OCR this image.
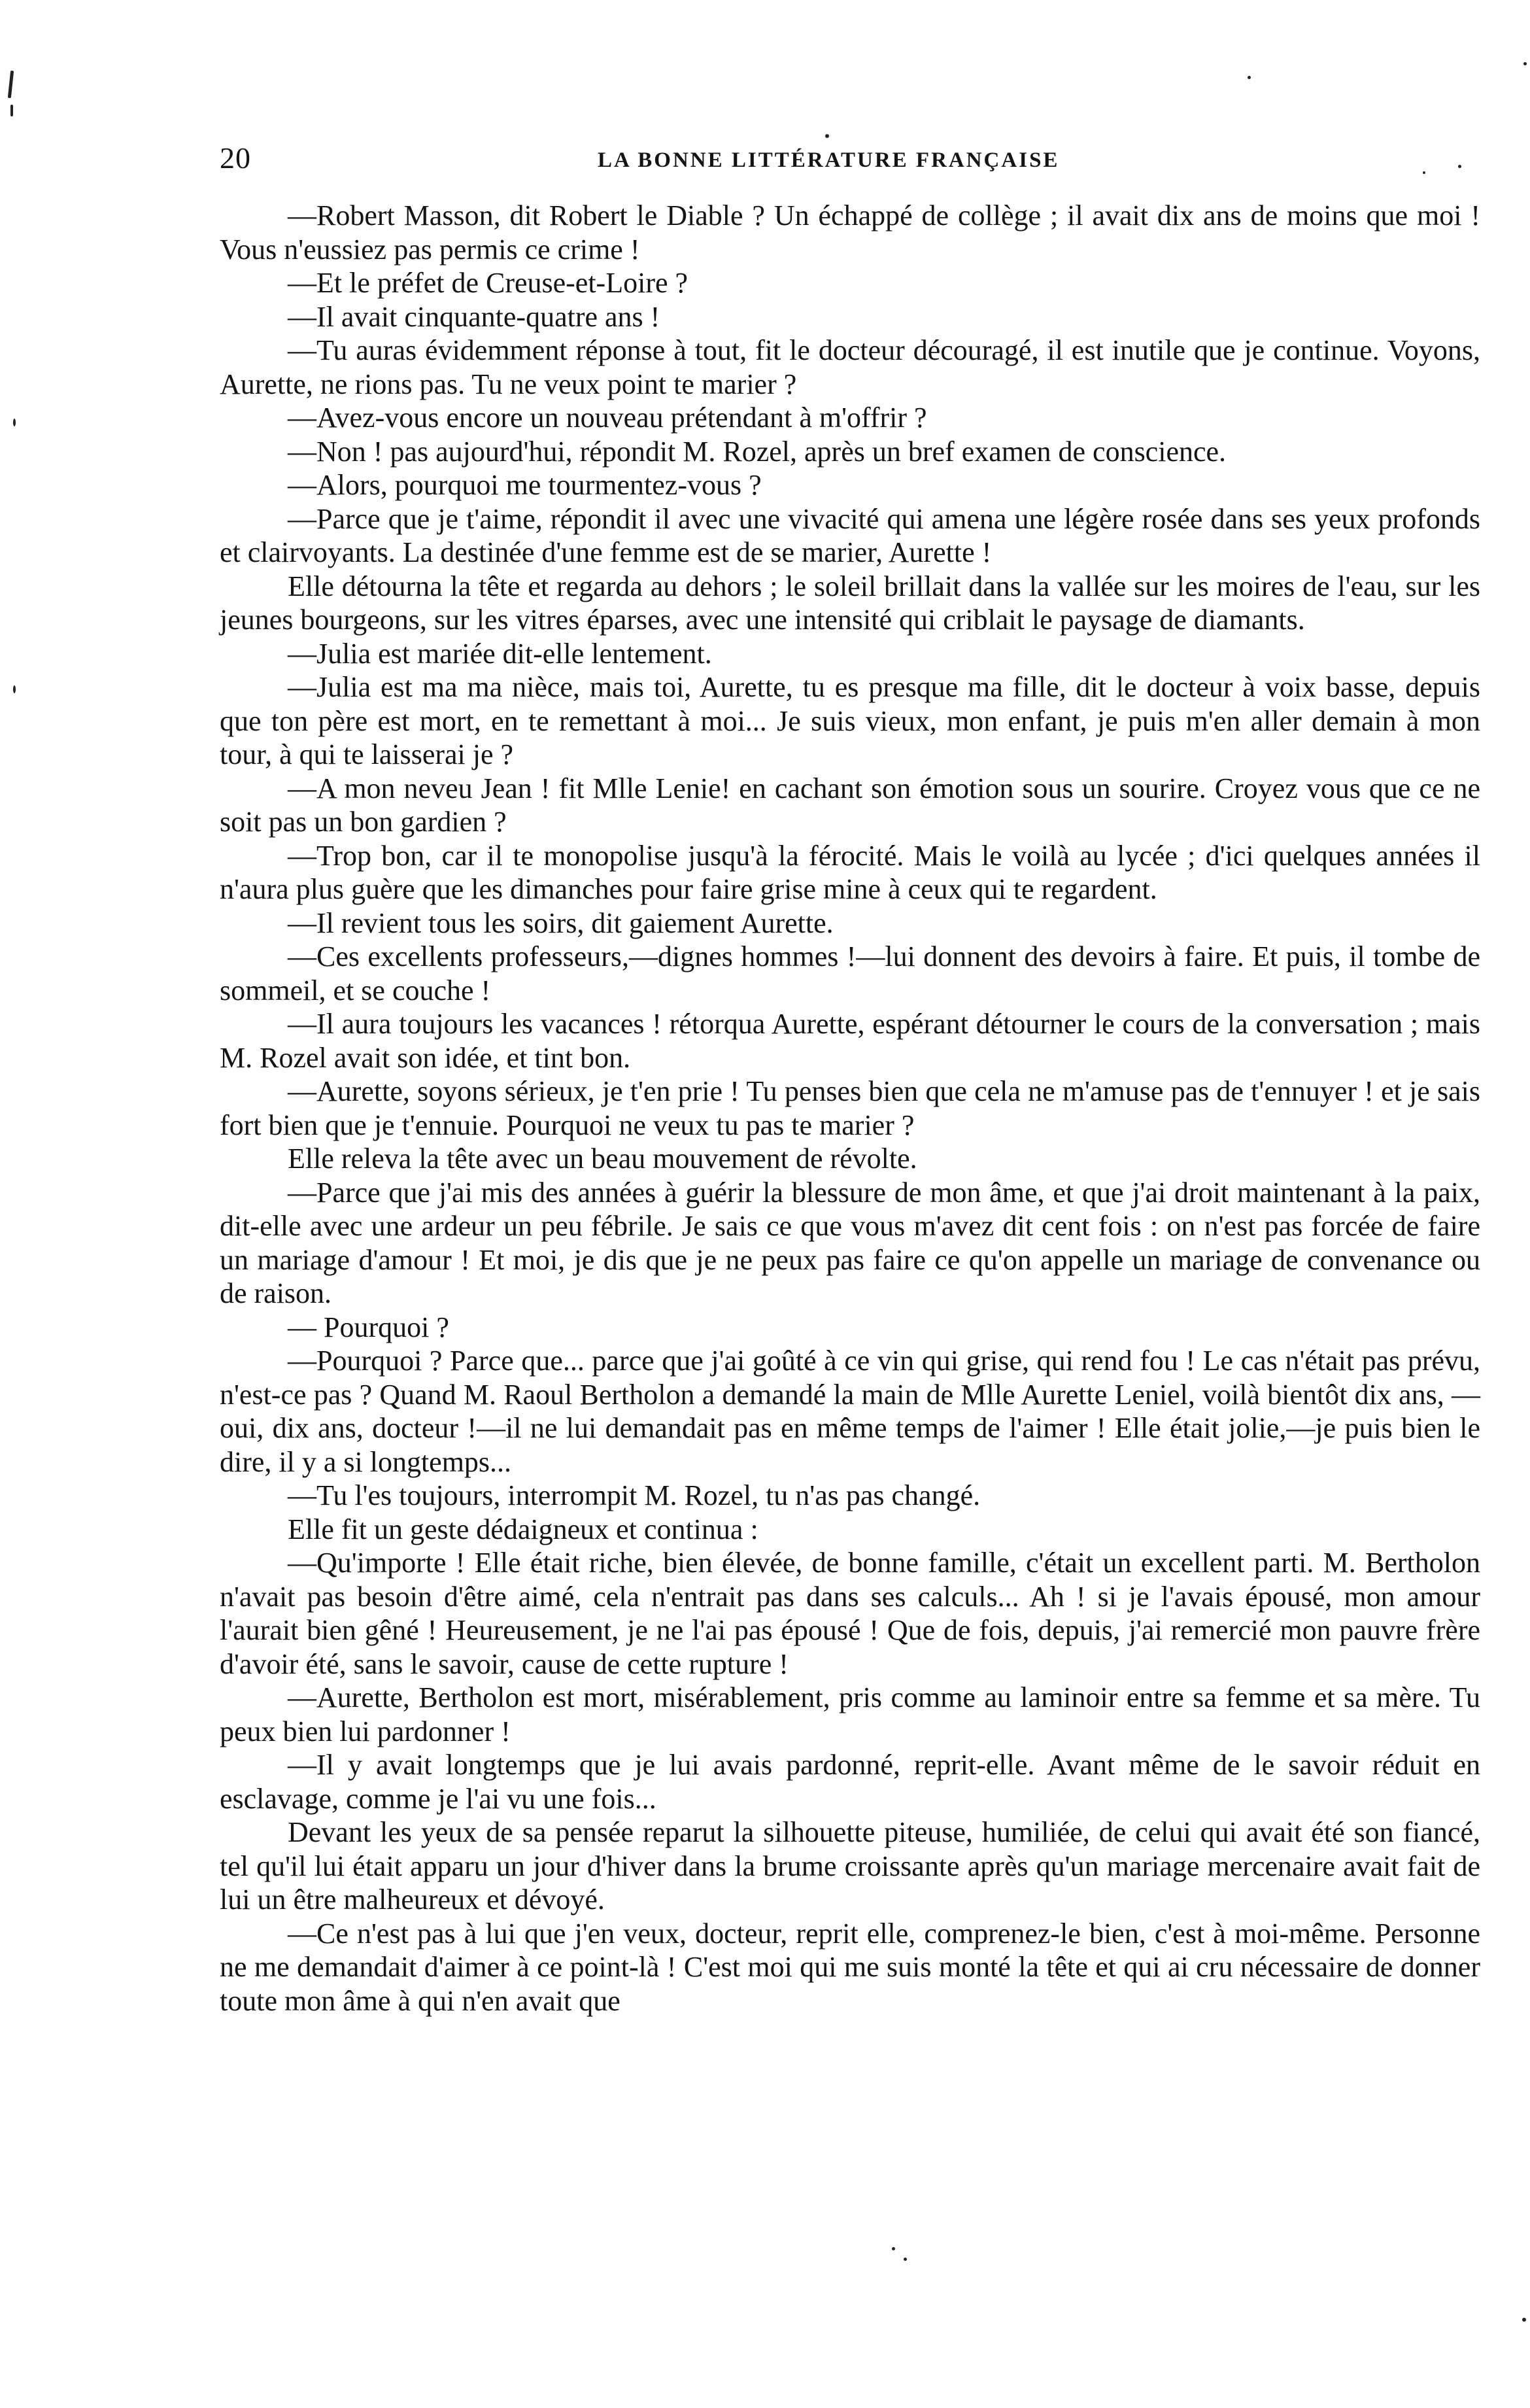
20	LA BONNE LITTÉRATURE FRANÇAISE

—Robert Masson, dit Robert le Diable ? Un échappé de collège ; il avait dix ans de moins que moi ! Vous n'eussiez pas permis ce crime !

—Et le préfet de Creuse-et-Loire ?

—Il avait cinquante-quatre ans !

—Tu auras évidemment réponse à tout, fit le docteur découragé, il est inutile que je continue. Voyons, Aurette, ne rions pas. Tu ne veux point te marier ?

—Avez-vous encore un nouveau prétendant à m'offrir ?

—Non ! pas aujourd'hui, répondit M. Rozel, après un bref examen de conscience.

—Alors, pourquoi me tourmentez-vous ?

—Parce que je t'aime, répondit il avec une vivacité qui amena une légère rosée dans ses yeux profonds et clairvoyants. La destinée d'une femme est de se marier, Aurette !

Elle détourna la tête et regarda au dehors ; le soleil brillait dans la vallée sur les moires de l'eau, sur les jeunes bourgeons, sur les vitres éparses, avec une intensité qui criblait le paysage de diamants.

—Julia est mariée dit-elle lentement.

—Julia est ma ma nièce, mais toi, Aurette, tu es presque ma fille, dit le docteur à voix basse, depuis que ton père est mort, en te remettant à moi... Je suis vieux, mon enfant, je puis m'en aller demain à mon tour, à qui te laisserai je ?

—A mon neveu Jean ! fit Mlle Lenie! en cachant son émotion sous un sourire. Croyez vous que ce ne soit pas un bon gardien ?

—Trop bon, car il te monopolise jusqu'à la férocité. Mais le voilà au lycée ; d'ici quelques années il n'aura plus guère que les dimanches pour faire grise mine à ceux qui te regardent.

—Il revient tous les soirs, dit gaiement Aurette.

—Ces excellents professeurs,—dignes hommes !—lui donnent des devoirs à faire. Et puis, il tombe de sommeil, et se couche !

—Il aura toujours les vacances ! rétorqua Aurette, espérant détourner le cours de la conversation ; mais M. Rozel avait son idée, et tint bon.

—Aurette, soyons sérieux, je t'en prie ! Tu penses bien que cela ne m'amuse pas de t'ennuyer ! et je sais fort bien que je t'ennuie. Pourquoi ne veux tu pas te marier ?

Elle releva la tête avec un beau mouvement de révolte.

—Parce que j'ai mis des années à guérir la blessure de mon âme, et que j'ai droit maintenant à la paix, dit-elle avec une ardeur un peu fébrile. Je sais ce que vous m'avez dit cent fois : on n'est pas forcée de faire un mariage d'amour ! Et moi, je dis que je ne peux pas faire ce qu'on appelle un mariage de convenance ou de raison.

— Pourquoi ?

—Pourquoi ? Parce que... parce que j'ai goûté à ce vin qui grise, qui rend fou ! Le cas n'était pas prévu, n'est-ce pas ? Quand M. Raoul Bertholon a demandé la main de Mlle Aurette Leniel, voilà bientôt dix ans, — oui, dix ans, docteur !—il ne lui demandait pas en même temps de l'aimer ! Elle était jolie,—je puis bien le dire, il y a si longtemps...

—Tu l'es toujours, interrompit M. Rozel, tu n'as pas changé.

Elle fit un geste dédaigneux et continua :

—Qu'importe ! Elle était riche, bien élevée, de bonne famille, c'était un excellent parti. M. Bertholon n'avait pas besoin d'être aimé, cela n'entrait pas dans ses calculs... Ah ! si je l'avais épousé, mon amour l'aurait bien gêné ! Heureusement, je ne l'ai pas épousé ! Que de fois, depuis, j'ai remercié mon pauvre frère d'avoir été, sans le savoir, cause de cette rupture !

—Aurette, Bertholon est mort, misérablement, pris comme au laminoir entre sa femme et sa mère. Tu peux bien lui pardonner !

—Il y avait longtemps que je lui avais pardonné, reprit-elle. Avant même de le savoir réduit en esclavage, comme je l'ai vu une fois...

Devant les yeux de sa pensée reparut la silhouette piteuse, humiliée, de celui qui avait été son fiancé, tel qu'il lui était apparu un jour d'hiver dans la brume croissante après qu'un mariage mercenaire avait fait de lui un être malheureux et dévoyé.

—Ce n'est pas à lui que j'en veux, docteur, reprit elle, comprenez-le bien, c'est à moi-même. Personne ne me demandait d'aimer à ce point-là ! C'est moi qui me suis monté la tête et qui ai cru nécessaire de donner toute mon âme à qui n'en avait que
